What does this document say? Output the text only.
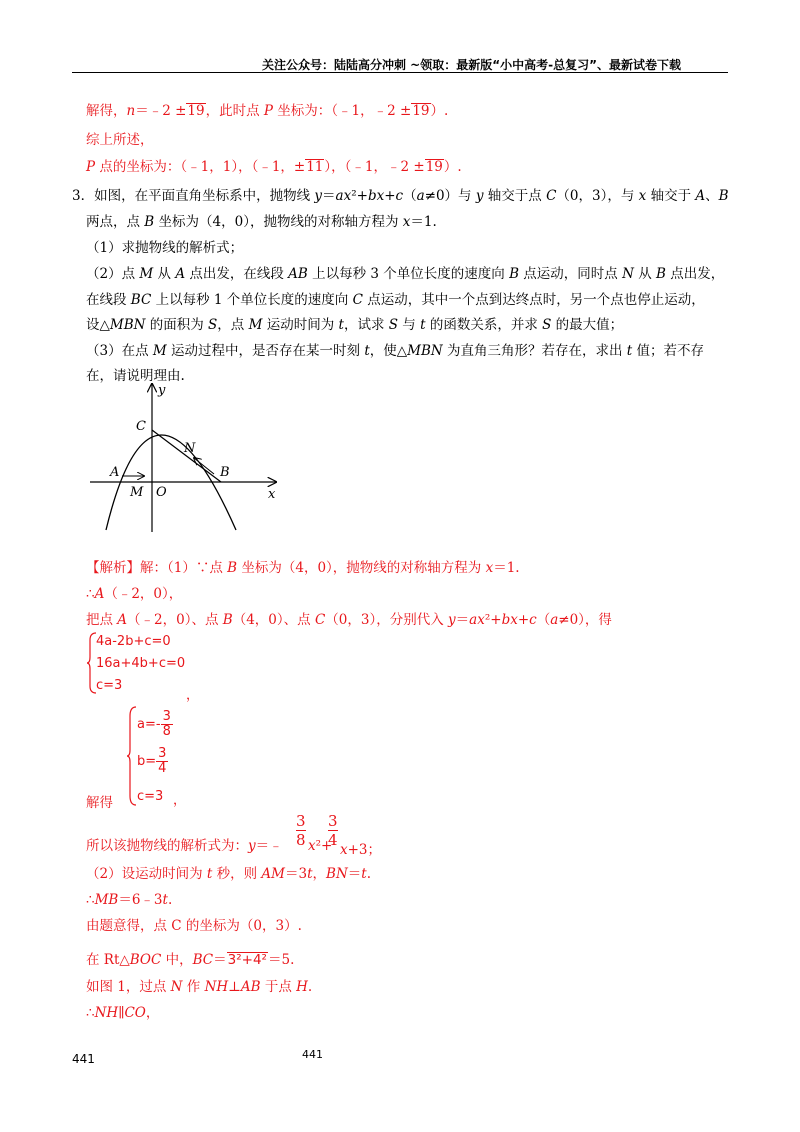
关注公众号：陆陆高分冲刺 ~领取：最新版“小中高考-总复习”、最新试卷下载
解得，n＝﹣2 ±19，此时点 P 坐标为：（﹣1，﹣2 ±19）.
综上所述，
P 点的坐标为：（﹣1，1），（﹣1，±11），（﹣1，﹣2 ±19）.
3．如图，在平面直角坐标系中，抛物线 y＝ax²+bx+c（a≠0）与 y 轴交于点 C（0，3），与 x 轴交于 A、B
两点，点 B 坐标为（4，0），抛物线的对称轴方程为 x＝1.
（1）求抛物线的解析式；
（2）点 M 从 A 点出发，在线段 AB 上以每秒 3 个单位长度的速度向 B 点运动，同时点 N 从 B 点出发，
在线段 BC 上以每秒 1 个单位长度的速度向 C 点运动，其中一个点到达终点时，另一个点也停止运动，
设△MBN 的面积为 S，点 M 运动时间为 t，试求 S 与 t 的函数关系，并求 S 的最大值；
（3）在点 M 运动过程中，是否存在某一时刻 t，使△MBN 为直角三角形？若存在，求出 t 值；若不存
在，请说明理由.
y
C
N
A	B
M O	x
【解析】解：（1）∵点 B 坐标为（4，0），抛物线的对称轴方程为 x＝1.
∴A（﹣2，0），
把点 A（﹣2，0）、点 B（4，0）、点 C（0，3），分别代入 y＝ax²+bx+c（a≠0），得
4a-2b+c=0
16a+4b+c=0
c=3
，
$a=- \frac{3}{8}$
$b= \frac{3}{4}$
c=3
解得	，
所以该抛物线的解析式为：y＝﹣
3
8 x²+
3
4
x+3；
（2）设运动时间为 t 秒，则 AM＝3t，BN＝t.
∴MB＝6﹣3t.
由题意得，点 C 的坐标为（0，3）.
在 Rt△BOC 中，BC＝3²+4²＝5.
如图 1，过点 N 作 NH⊥AB 于点 H.
∴NH∥CO，
441	441
